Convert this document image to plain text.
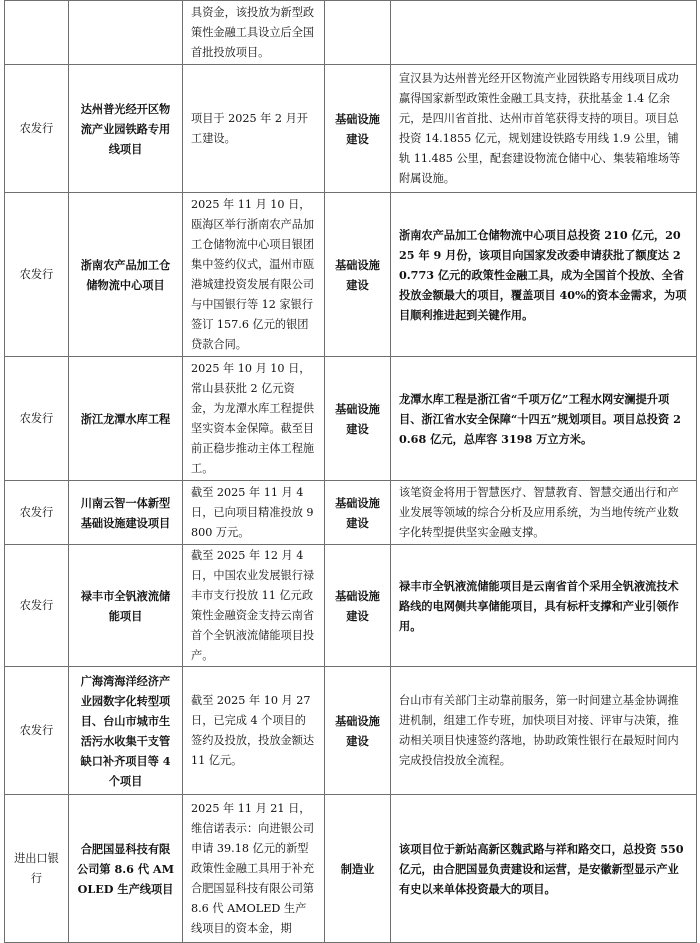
		具资金，该投放为新型政策性金融工具设立后全国首批投放项目。		
农发行	达州普光经开区物流产业园铁路专用线项目	项目于 2025 年 2 月开工建设。	基础设施建设	宣汉县为达州普光经开区物流产业园铁路专用线项目成功赢得国家新型政策性金融工具支持，获批基金 1.4 亿余元，是四川省首批、达州市首笔获得支持的项目。项目总投资 14.1855 亿元，规划建设铁路专用线 1.9 公里，铺轨 11.485 公里，配套建设物流仓储中心、集装箱堆场等附属设施。
农发行	浙南农产品加工仓储物流中心项目	2025 年 11 月 10 日，瓯海区举行浙南农产品加工仓储物流中心项目银团集中签约仪式，温州市瓯港城建投资发展有限公司与中国银行等 12 家银行签订 157.6 亿元的银团贷款合同。	基础设施建设	浙南农产品加工仓储物流中心项目总投资 210 亿元，2025 年 9 月份，该项目向国家发改委申请获批了额度达 20.773 亿元的政策性金融工具，成为全国首个投放、全省投放金额最大的项目，覆盖项目 40%的资本金需求，为项目顺利推进起到关键作用。
农发行	浙江龙潭水库工程	2025 年 10 月 10 日，常山县获批 2 亿元资金，为龙潭水库工程提供坚实资本金保障。截至目前正稳步推动主体工程施工。	基础设施建设	龙潭水库工程是浙江省“千项万亿”工程水网安澜提升项目、浙江省水安全保障“十四五”规划项目。项目总投资 20.68 亿元，总库容 3198 万立方米。
农发行	川南云智一体新型基础设施建设项目	截至 2025 年 11 月 4 日，已向项目精准投放 9800 万元。	基础设施建设	该笔资金将用于智慧医疗、智慧教育、智慧交通出行和产业发展等领域的综合分析及应用系统，为当地传统产业数字化转型提供坚实金融支撑。
农发行	禄丰市全钒液流储能项目	截至 2025 年 12 月 4 日，中国农业发展银行禄丰市支行投放 11 亿元政策性金融资金支持云南省首个全钒液流储能项目投产。	基础设施建设	禄丰市全钒液流储能项目是云南省首个采用全钒液流技术路线的电网侧共享储能项目，具有标杆支撑和产业引领作用。
农发行	广海湾海洋经济产业园数字化转型项目、台山市城市生活污水收集干支管缺口补齐项目等 4 个项目	截至 2025 年 10 月 27 日，已完成 4 个项目的签约及投放，投放金额达 11 亿元。	基础设施建设	台山市有关部门主动靠前服务，第一时间建立基金协调推进机制，组建工作专班，加快项目对接、评审与决策，推动相关项目快速签约落地，协助政策性银行在最短时间内完成投信投放全流程。
进出口银行	合肥国显科技有限公司第 8.6 代 AMOLED 生产线项目	2025 年 11 月 21 日，维信诺表示：向进银公司申请 39.18 亿元的新型政策性金融工具用于补充合肥国显科技有限公司第 8.6 代 AMOLED 生产线项目的资本金，期	制造业	该项目位于新站高新区魏武路与祥和路交口，总投资 550 亿元，由合肥国显负责建设和运营，是安徽新型显示产业有史以来单体投资最大的项目。
